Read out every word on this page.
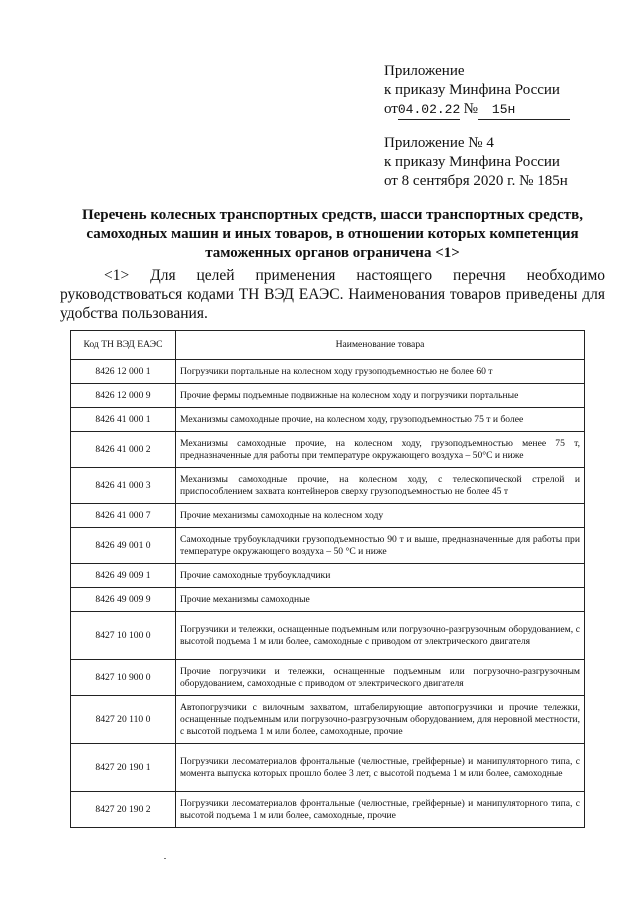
Приложение
к приказу Минфина России
от04.02.22 № 15н
Приложение № 4
к приказу Минфина России
от 8 сентября 2020 г. № 185н
Перечень колесных транспортных средств, шасси транспортных средств, самоходных машин и иных товаров, в отношении которых компетенция таможенных органов ограничена <1>
<1> Для целей применения настоящего перечня необходимо руководствоваться кодами ТН ВЭД ЕАЭС. Наименования товаров приведены для удобства пользования.
Код ТН ВЭД ЕАЭС	Наименование товара
8426 12 000 1	Погрузчики портальные на колесном ходу грузоподъемностью не более 60 т
8426 12 000 9	Прочие фермы подъемные подвижные на колесном ходу и погрузчики портальные
8426 41 000 1	Механизмы самоходные прочие, на колесном ходу, грузоподъемностью 75 т и более
8426 41 000 2	Механизмы самоходные прочие, на колесном ходу, грузоподъемностью менее 75 т, предназначенные для работы при температуре окружающего воздуха – 50°С и ниже
8426 41 000 3	Механизмы самоходные прочие, на колесном ходу, с телескопической стрелой и приспособлением захвата контейнеров сверху грузоподъемностью не более 45 т
8426 41 000 7	Прочие механизмы самоходные на колесном ходу
8426 49 001 0	Самоходные трубоукладчики грузоподъемностью 90 т и выше, предназначенные для работы при температуре окружающего воздуха – 50 °С и ниже
8426 49 009 1	Прочие самоходные трубоукладчики
8426 49 009 9	Прочие механизмы самоходные
8427 10 100 0	Погрузчики и тележки, оснащенные подъемным или погрузочно-разгрузочным оборудованием, с высотой подъема 1 м или более, самоходные с приводом от электрического двигателя
8427 10 900 0	Прочие погрузчики и тележки, оснащенные подъемным или погрузочно-разгрузочным оборудованием, самоходные с приводом от электрического двигателя
8427 20 110 0	Автопогрузчики с вилочным захватом, штабелирующие автопогрузчики и прочие тележки, оснащенные подъемным или погрузочно-разгрузочным оборудованием, для неровной местности, с высотой подъема 1 м или более, самоходные, прочие
8427 20 190 1	Погрузчики лесоматериалов фронтальные (челюстные, грейферные) и манипуляторного типа, с момента выпуска которых прошло более 3 лет, с высотой подъема 1 м или более, самоходные
8427 20 190 2	Погрузчики лесоматериалов фронтальные (челюстные, грейферные) и манипуляторного типа, с высотой подъема 1 м или более, самоходные, прочие
